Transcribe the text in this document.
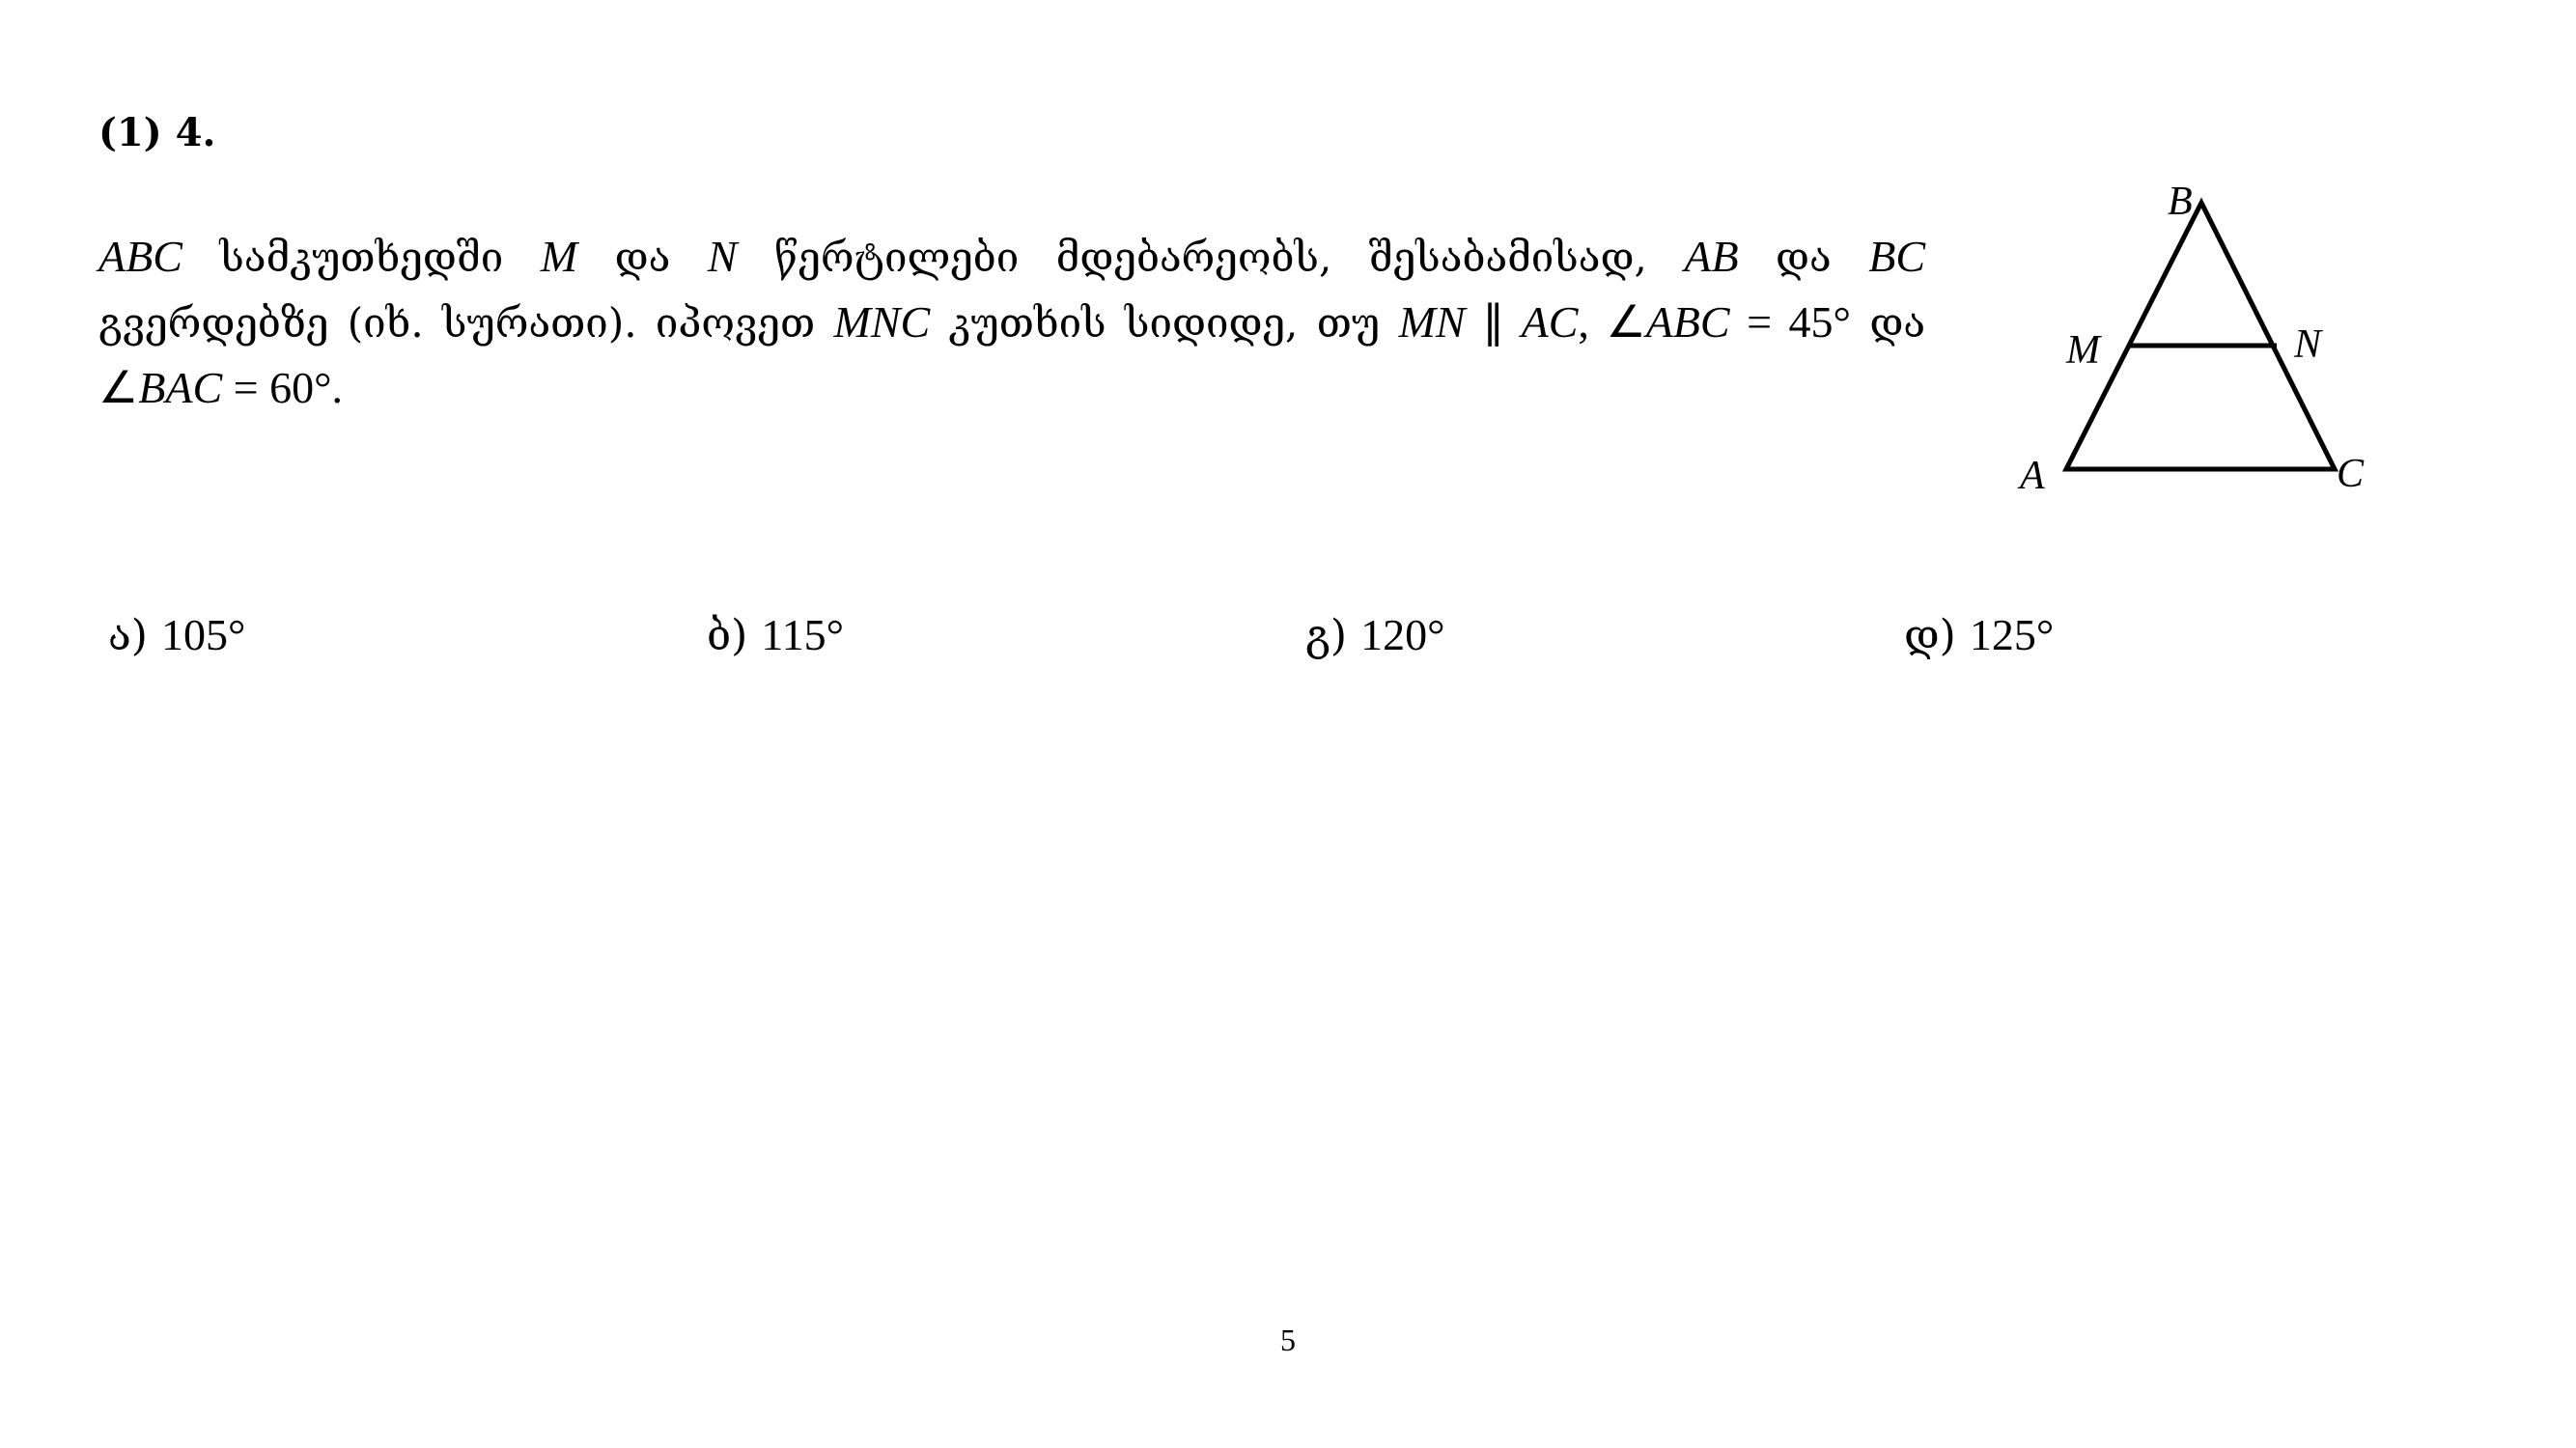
(1) 4.
ABC სამკუთხედში M და N წერტილები მდებარეობს, შესაბამისად, AB და BC გვერდებზე (იხ. სურათი). იპოვეთ MNC კუთხის სიდიდე, თუ MN ∥ AC, ∠ABC = 45° და ∠BAC = 60°.
B
M	N
A	C
ა) 105°	ბ) 115°	გ) 120°	დ) 125°
5
